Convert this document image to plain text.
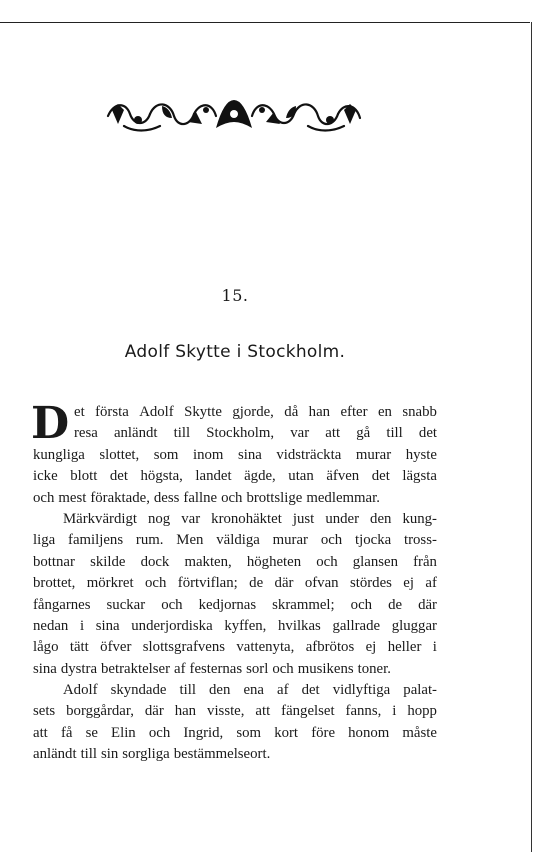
15.
Adolf Skytte i Stockholm.
D et första Adolf Skytte gjorde, då han efter en snabb
resa anländt till Stockholm, var att gå till det
kungliga slottet, som inom sina vidsträckta murar hyste
icke blott det högsta, landet ägde, utan äfven det lägsta
och mest föraktade, dess fallne och brottslige medlemmar.
Märkvärdigt nog var kronohäktet just under den kung-
liga familjens rum. Men väldiga murar och tjocka tross-
bottnar skilde dock makten, högheten och glansen från
brottet, mörkret och förtviflan; de där ofvan stördes ej af
fångarnes suckar och kedjornas skrammel; och de där
nedan i sina underjordiska kyffen, hvilkas gallrade gluggar
lågo tätt öfver slottsgrafvens vattenyta, afbrötos ej heller i
sina dystra betraktelser af festernas sorl och musikens toner.
Adolf skyndade till den ena af det vidlyftiga palat-
sets borggårdar, där han visste, att fängelset fanns, i hopp
att få se Elin och Ingrid, som kort före honom måste
anländt till sin sorgliga bestämmelseort.
